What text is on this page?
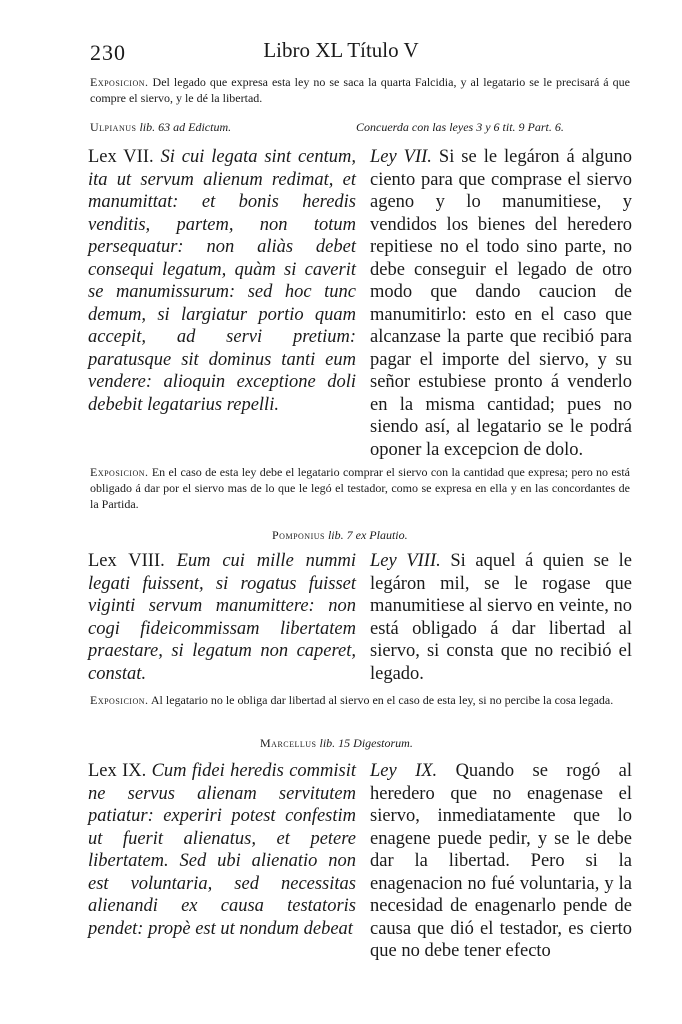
230	Libro XL Título V
Exposicion. Del legado que expresa esta ley no se saca la quarta Falcidia, y al legatario se le precisará á que compre el siervo, y le dé la libertad.
Ulpianus lib. 63 ad Edictum.	Concuerda con las leyes 3 y 6 tit. 9 Part. 6.
Lex VII. Si cui legata sint centum, ita ut servum alienum redimat, et manumittat: et bonis heredis venditis, partem, non totum persequatur: non aliàs debet consequi legatum, quàm si caverit se manumissurum: sed hoc tunc demum, si largiatur portio quam accepit, ad servi pretium: paratusque sit dominus tanti eum vendere: alioquin exceptione doli debebit legatarius repelli.
Ley VII. Si se le legáron á alguno ciento para que comprase el siervo ageno y lo manumitiese, y vendidos los bienes del heredero repitiese no el todo sino parte, no debe conseguir el legado de otro modo que dando caucion de manumitirlo: esto en el caso que alcanzase la parte que recibió para pagar el importe del siervo, y su señor estubiese pronto á venderlo en la misma cantidad; pues no siendo así, al legatario se le podrá oponer la excepcion de dolo.
Exposicion. En el caso de esta ley debe el legatario comprar el siervo con la cantidad que expresa; pero no está obligado á dar por el siervo mas de lo que le legó el testador, como se expresa en ella y en las concordantes de la Partida.
Pomponius lib. 7 ex Plautio.
Lex VIII. Eum cui mille nummi legati fuissent, si rogatus fuisset viginti servum manumittere: non cogi fideicommissam libertatem praestare, si legatum non caperet, constat.
Ley VIII. Si aquel á quien se le legáron mil, se le rogase que manumitiese al siervo en veinte, no está obligado á dar libertad al siervo, si consta que no recibió el legado.
Exposicion. Al legatario no le obliga dar libertad al siervo en el caso de esta ley, si no percibe la cosa legada.
Marcellus lib. 15 Digestorum.
Lex IX. Cum fidei heredis commisit ne servus alienam servitutem patiatur: experiri potest confestim ut fuerit alienatus, et petere libertatem. Sed ubi alienatio non est voluntaria, sed necessitas alienandi ex causa testatoris pendet: propè est ut nondum debeat
Ley IX. Quando se rogó al heredero que no enagenase el siervo, inmediatamente que lo enagene puede pedir, y se le debe dar la libertad. Pero si la enagenacion no fué voluntaria, y la necesidad de enagenarlo pende de causa que dió el testador, es cierto que no debe tener efecto
